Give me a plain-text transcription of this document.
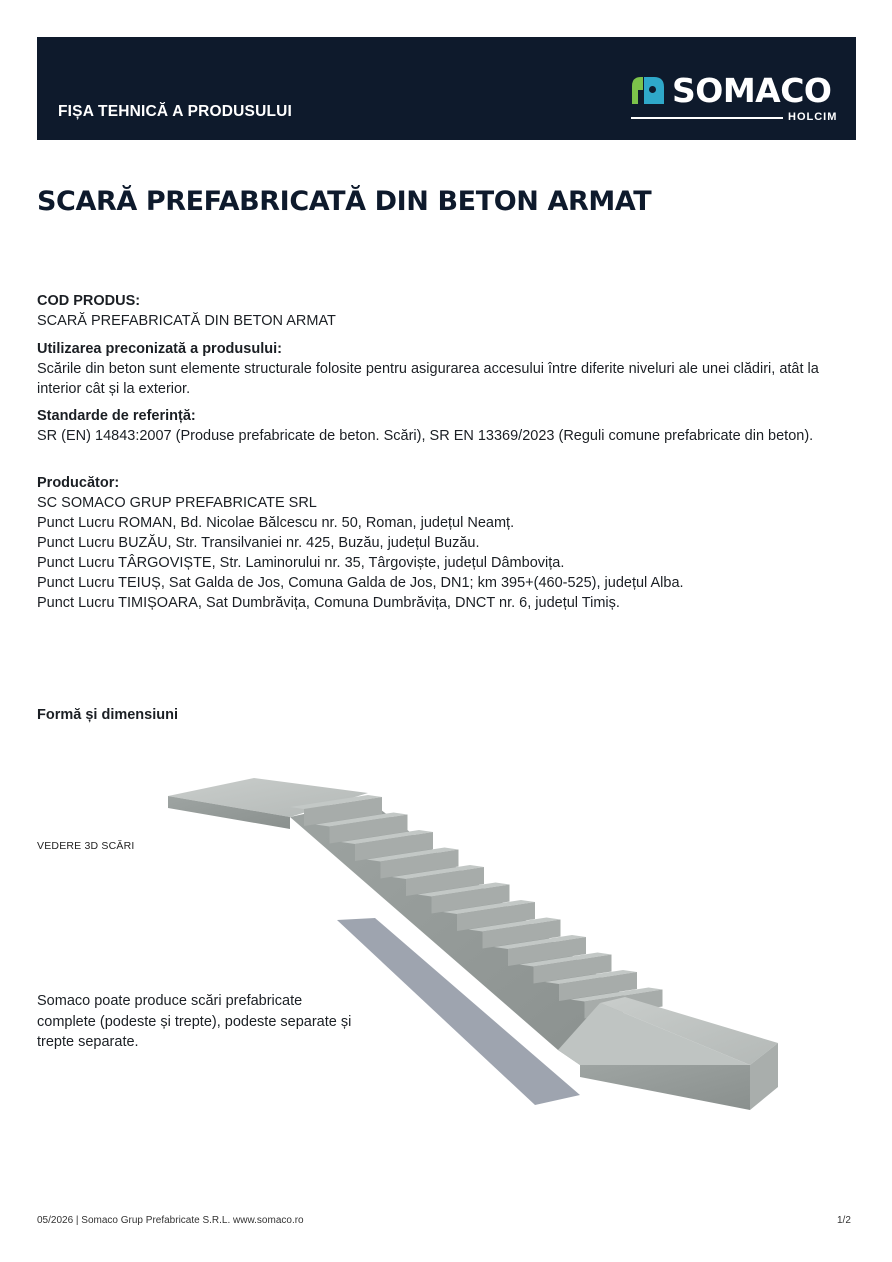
FIȘA TEHNICĂ A PRODUSULUI
SOMACO
HOLCIM
SCARĂ PREFABRICATĂ DIN BETON ARMAT
COD PRODUS:

SCARĂ PREFABRICATĂ DIN BETON ARMAT

Utilizarea preconizată a produsului:

Scările din beton sunt elemente structurale folosite pentru asigurarea accesului între diferite niveluri ale unei clădiri, atât la interior cât și la exterior.

Standarde de referință:

SR (EN) 14843:2007 (Produse prefabricate de beton. Scări), SR EN 13369/2023 (Reguli comune prefabricate din beton).

Producător:

SC SOMACO GRUP PREFABRICATE SRL

Punct Lucru ROMAN, Bd. Nicolae Bălcescu nr. 50, Roman, județul Neamț.

Punct Lucru BUZĂU, Str. Transilvaniei nr. 425, Buzău, județul Buzău.

Punct Lucru TÂRGOVIȘTE, Str. Laminorului nr. 35, Târgoviște, județul Dâmbovița.

Punct Lucru TEIUȘ, Sat Galda de Jos, Comuna Galda de Jos, DN1; km 395+(460-525), județul Alba.

Punct Lucru TIMIȘOARA, Sat Dumbrăvița, Comuna Dumbrăvița, DNCT nr. 6, județul Timiș.

Formă și dimensiuni
VEDERE 3D SCĂRI
Somaco poate produce scări prefabricate complete (podeste și trepte), podeste separate și trepte separate.
05/2026 | Somaco Grup Prefabricate S.R.L. www.somaco.ro	1/2
